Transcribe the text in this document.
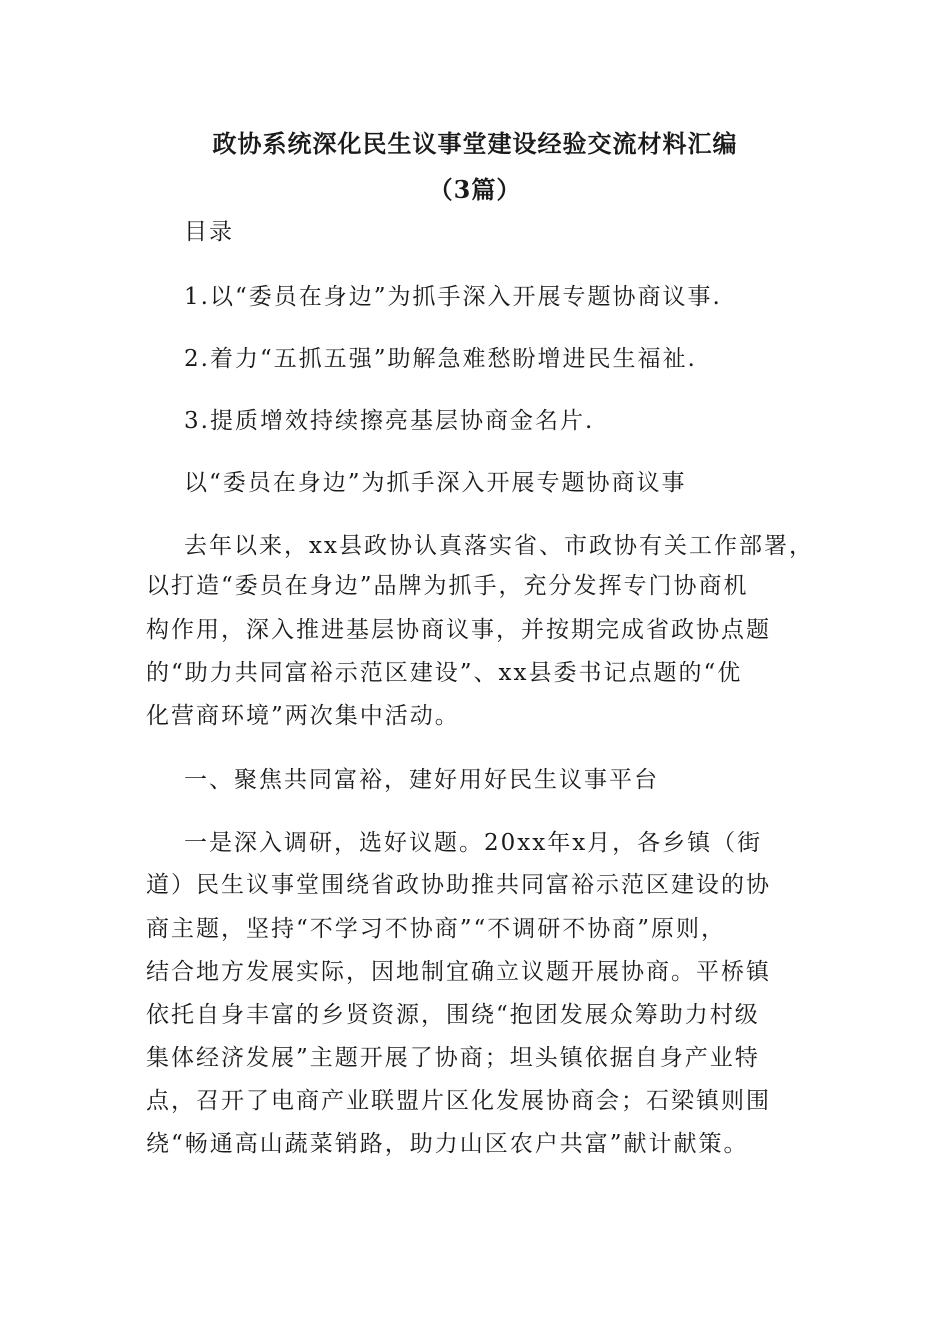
政协系统深化民生议事堂建设经验交流材料汇编
（3篇）

目录

1.以“委员在身边”为抓手深入开展专题协商议事.

2.着力“五抓五强”助解急难愁盼增进民生福祉.

3.提质增效持续擦亮基层协商金名片.

以“委员在身边”为抓手深入开展专题协商议事

去年以来，xx县政协认真落实省、市政协有关工作部署，

以打造“委员在身边”品牌为抓手，充分发挥专门协商机

构作用，深入推进基层协商议事，并按期完成省政协点题

的“助力共同富裕示范区建设”、xx县委书记点题的“优

化营商环境”两次集中活动。

一、聚焦共同富裕，建好用好民生议事平台

一是深入调研，选好议题。20xx年x月，各乡镇（街

道）民生议事堂围绕省政协助推共同富裕示范区建设的协

商主题，坚持“不学习不协商”“不调研不协商”原则，

结合地方发展实际，因地制宜确立议题开展协商。平桥镇

依托自身丰富的乡贤资源，围绕“抱团发展众筹助力村级

集体经济发展”主题开展了协商；坦头镇依据自身产业特

点，召开了电商产业联盟片区化发展协商会；石梁镇则围

绕“畅通高山蔬菜销路，助力山区农户共富”献计献策。
